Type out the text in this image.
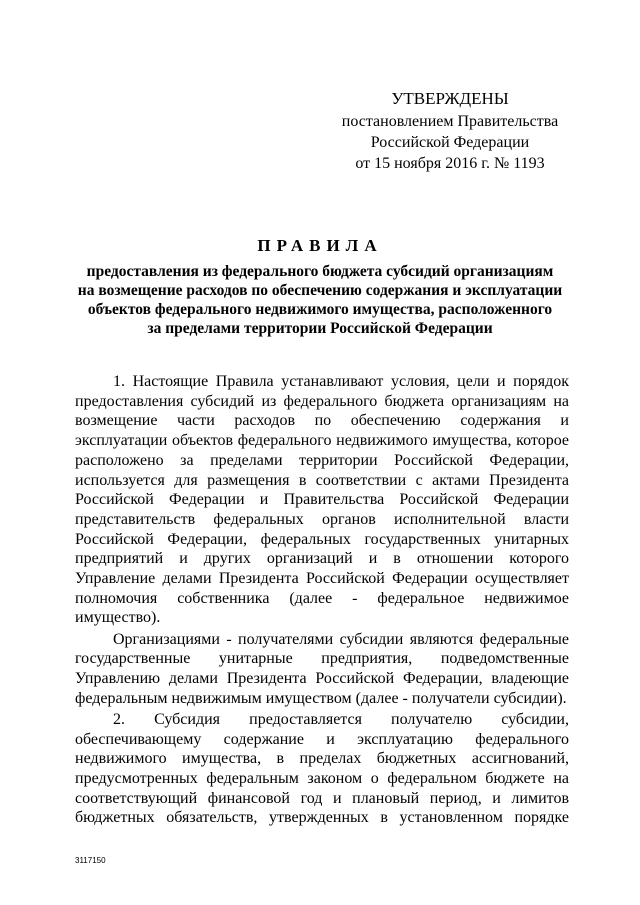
УТВЕРЖДЕНЫ
постановлением Правительства
Российской Федерации
от 15 ноября 2016 г. № 1193
ПРАВИЛА
предоставления из федерального бюджета субсидий организациям
на возмещение расходов по обеспечению содержания и эксплуатации
объектов федерального недвижимого имущества, расположенного
за пределами территории Российской Федерации

1. Настоящие Правила устанавливают условия, цели и порядок предоставления субсидий из федерального бюджета организациям на возмещение части расходов по обеспечению содержания и эксплуатации объектов федерального недвижимого имущества, которое расположено за пределами территории Российской Федерации, используется для размещения в соответствии с актами Президента Российской Федерации и Правительства Российской Федерации представительств федеральных органов исполнительной власти Российской Федерации, федеральных государственных унитарных предприятий и других организаций и в отношении которого Управление делами Президента Российской Федерации осуществляет полномочия собственника (далее - федеральное недвижимое имущество).

Организациями - получателями субсидии являются федеральные государственные унитарные предприятия, подведомственные Управлению делами Президента Российской Федерации, владеющие федеральным недвижимым имуществом (далее - получатели субсидии).

2. Субсидия предоставляется получателю субсидии, обеспечивающему содержание и эксплуатацию федерального недвижимого имущества, в пределах бюджетных ассигнований, предусмотренных федеральным законом о федеральном бюджете на соответствующий финансовой год и плановый период, и лимитов бюджетных обязательств, утвержденных в установленном порядке

3117150
